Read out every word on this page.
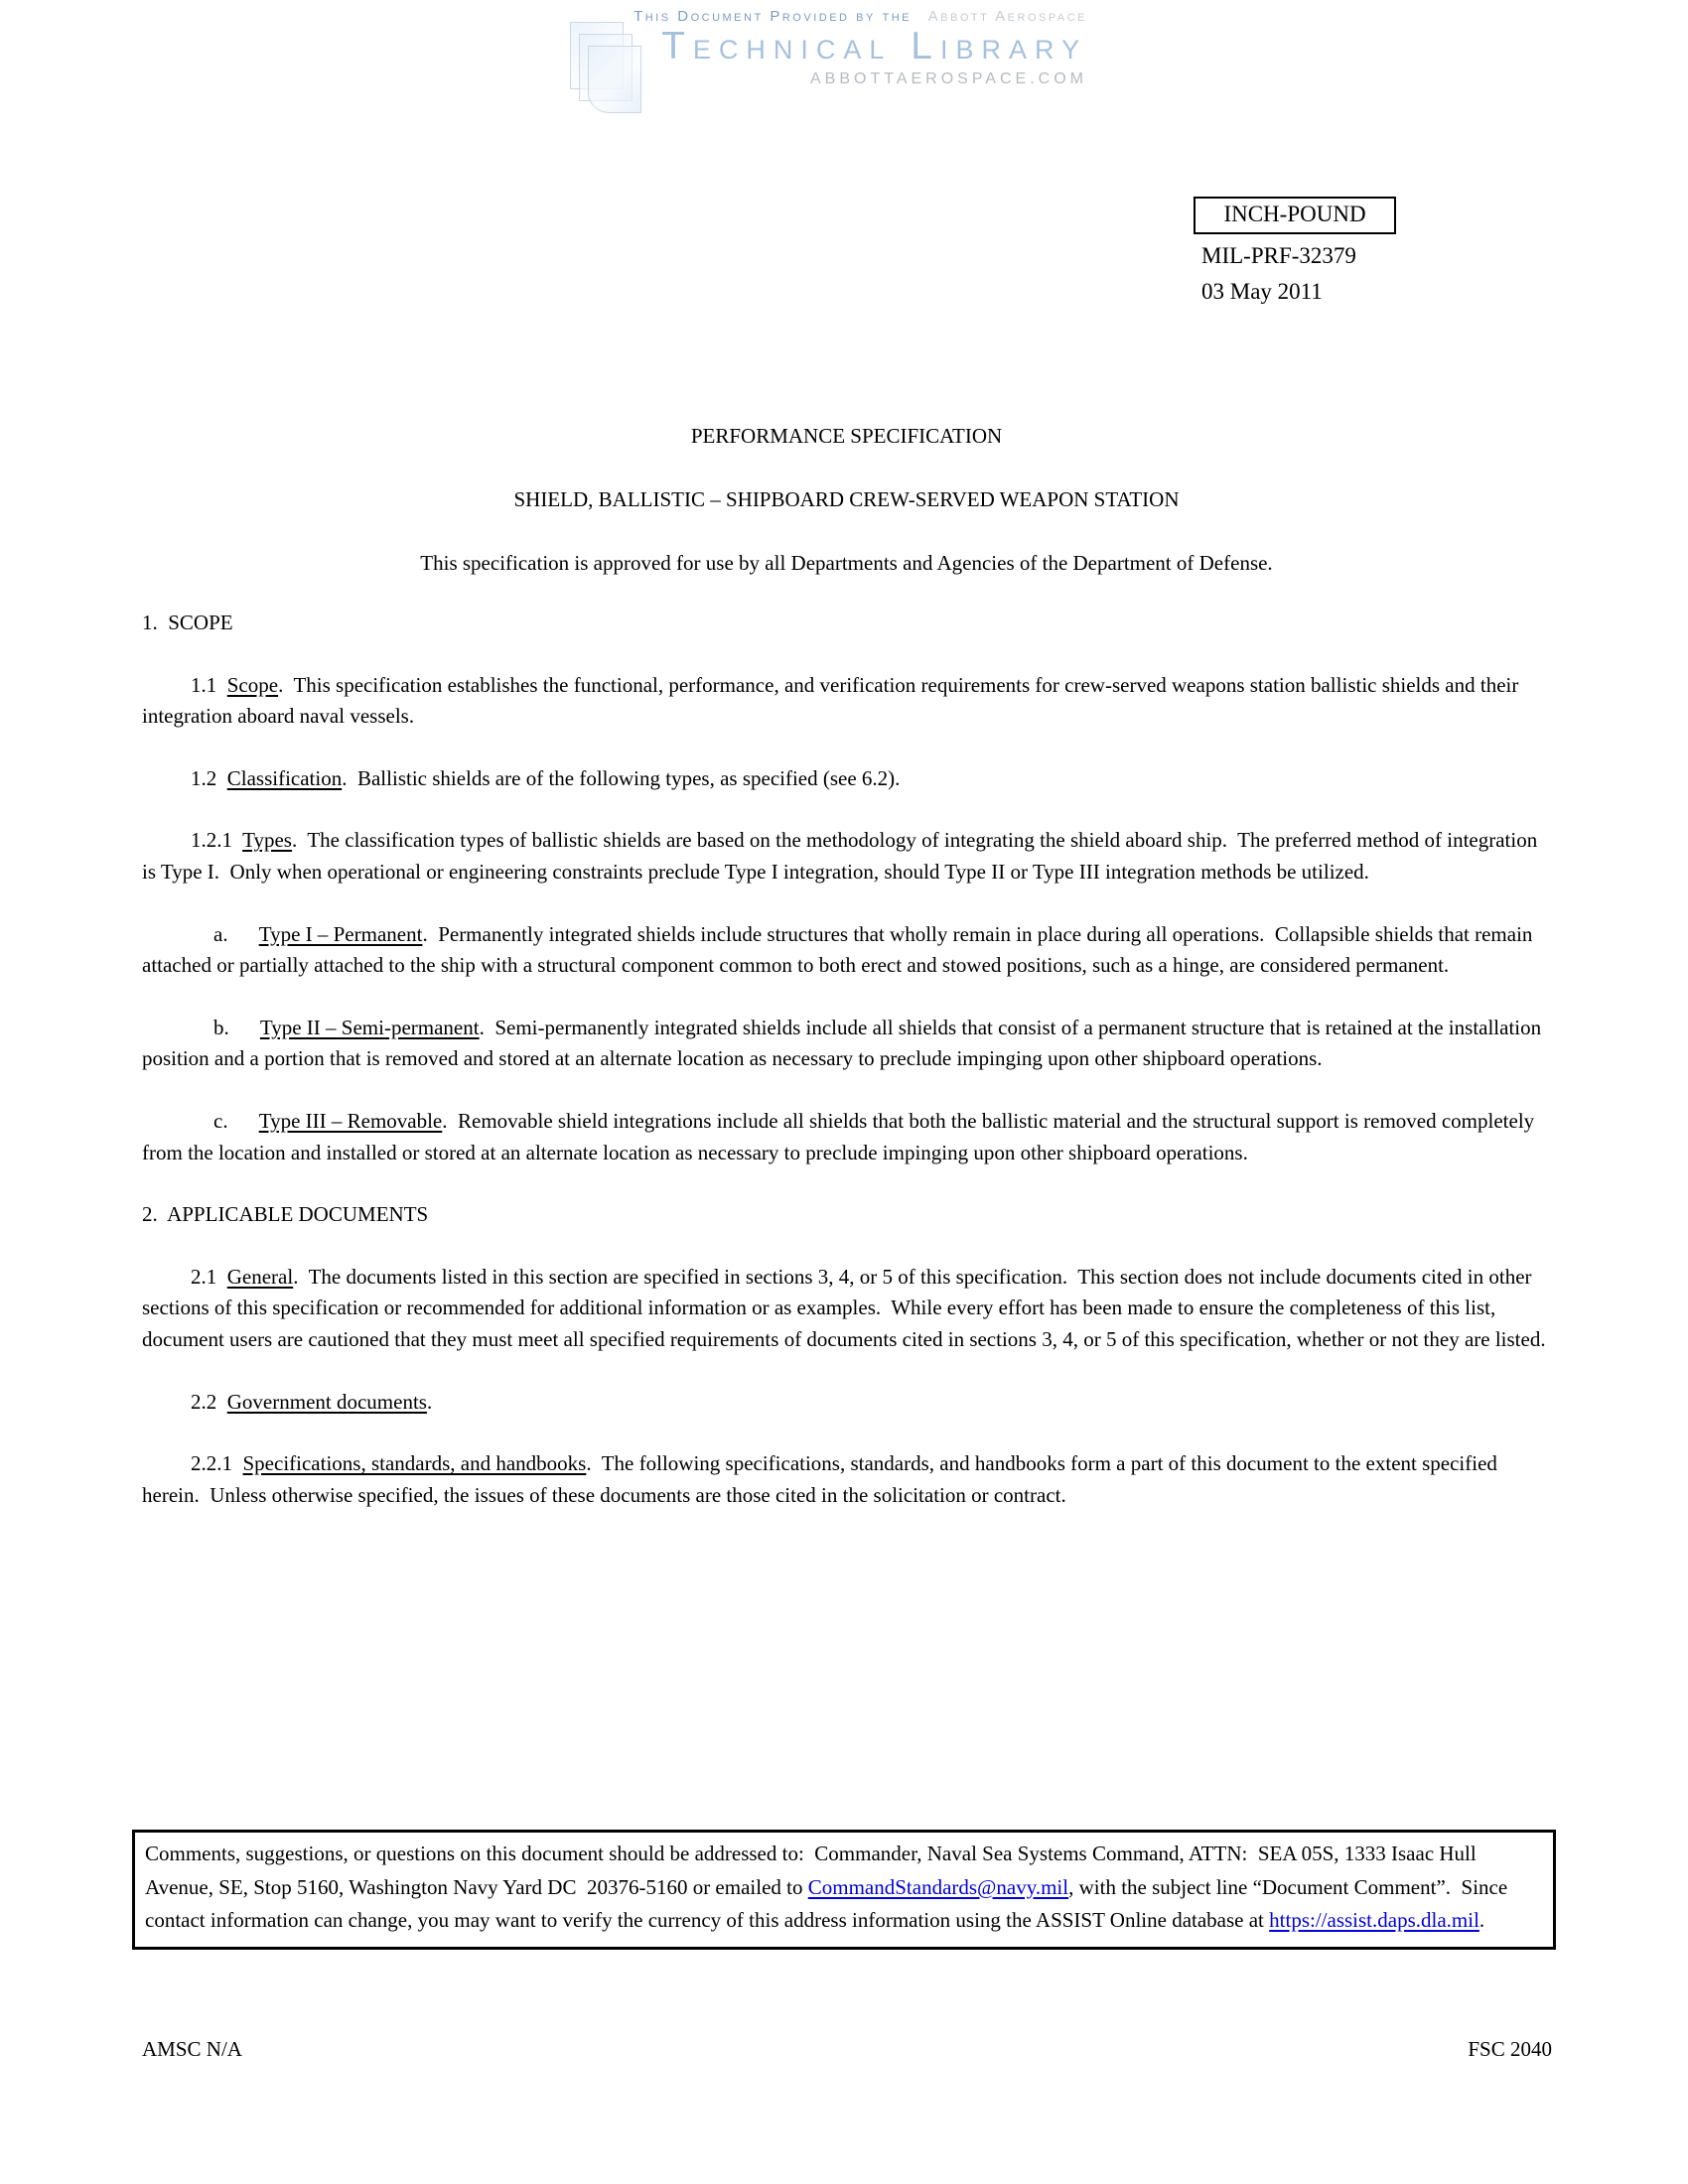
This Document Provided by the Abbott Aerospace
Technical Library
ABBOTTAEROSPACE.COM
INCH-POUND
MIL-PRF-32379
03 May 2011
PERFORMANCE SPECIFICATION
SHIELD, BALLISTIC – SHIPBOARD CREW-SERVED WEAPON STATION
This specification is approved for use by all Departments and Agencies of the Department of Defense.

1.  SCOPE

1.1  Scope.  This specification establishes the functional, performance, and verification requirements for crew-served weapons station ballistic shields and their integration aboard naval vessels.

1.2  Classification.  Ballistic shields are of the following types, as specified (see 6.2).

1.2.1  Types.  The classification types of ballistic shields are based on the methodology of integrating the shield aboard ship.  The preferred method of integration is Type I.  Only when operational or engineering constraints preclude Type I integration, should Type II or Type III integration methods be utilized.

a.      Type I – Permanent.  Permanently integrated shields include structures that wholly remain in place during all operations.  Collapsible shields that remain attached or partially attached to the ship with a structural component common to both erect and stowed positions, such as a hinge, are considered permanent.

b.      Type II – Semi-permanent.  Semi-permanently integrated shields include all shields that consist of a permanent structure that is retained at the installation position and a portion that is removed and stored at an alternate location as necessary to preclude impinging upon other shipboard operations.

c.      Type III – Removable.  Removable shield integrations include all shields that both the ballistic material and the structural support is removed completely from the location and installed or stored at an alternate location as necessary to preclude impinging upon other shipboard operations.

2.  APPLICABLE DOCUMENTS

2.1  General.  The documents listed in this section are specified in sections 3, 4, or 5 of this specification.  This section does not include documents cited in other sections of this specification or recommended for additional information or as examples.  While every effort has been made to ensure the completeness of this list, document users are cautioned that they must meet all specified requirements of documents cited in sections 3, 4, or 5 of this specification, whether or not they are listed.

2.2  Government documents.

2.2.1  Specifications, standards, and handbooks.  The following specifications, standards, and handbooks form a part of this document to the extent specified herein.  Unless otherwise specified, the issues of these documents are those cited in the solicitation or contract.

Comments, suggestions, or questions on this document should be addressed to:  Commander, Naval Sea Systems Command, ATTN:  SEA 05S, 1333 Isaac Hull Avenue, SE, Stop 5160, Washington Navy Yard DC  20376-5160 or emailed to CommandStandards@navy.mil, with the subject line “Document Comment”.  Since contact information can change, you may want to verify the currency of this address information using the ASSIST Online database at https://assist.daps.dla.mil.
AMSC N/A	FSC 2040
